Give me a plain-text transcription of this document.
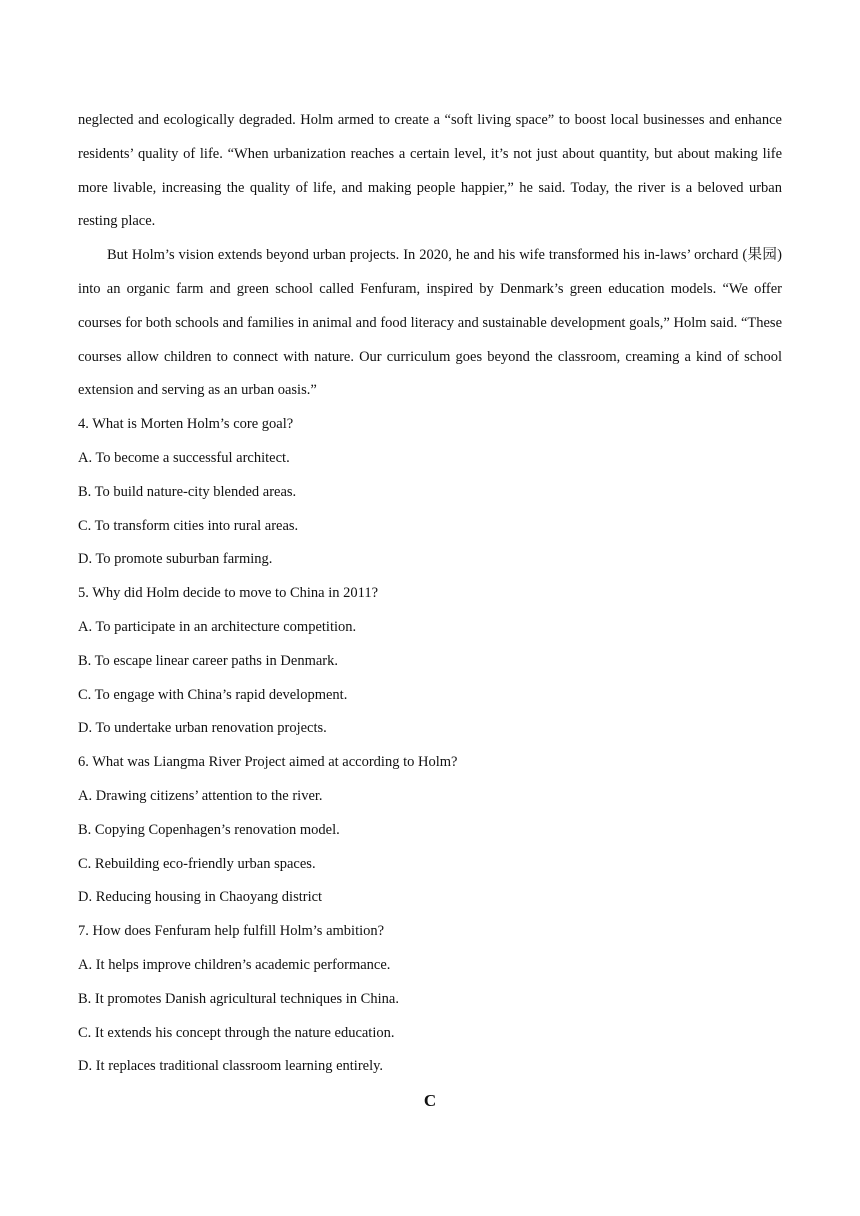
neglected and ecologically degraded. Holm armed to create a “soft living space” to boost local businesses and enhance residents’ quality of life. “When urbanization reaches a certain level, it’s not just about quantity, but about making life more livable, increasing the quality of life, and making people happier,” he said. Today, the river is a beloved urban resting place.

But Holm’s vision extends beyond urban projects. In 2020, he and his wife transformed his in-laws’ orchard (果园) into an organic farm and green school called Fenfuram, inspired by Denmark’s green education models. “We offer courses for both schools and families in animal and food literacy and sustainable development goals,” Holm said. “These courses allow children to connect with nature. Our curriculum goes beyond the classroom, creaming a kind of school extension and serving as an urban oasis.”

4. What is Morten Holm’s core goal?

A. To become a successful architect.

B. To build nature-city blended areas.

C. To transform cities into rural areas.

D. To promote suburban farming.

5. Why did Holm decide to move to China in 2011?

A. To participate in an architecture competition.

B. To escape linear career paths in Denmark.

C. To engage with China’s rapid development.

D. To undertake urban renovation projects.

6. What was Liangma River Project aimed at according to Holm?

A. Drawing citizens’ attention to the river.

B. Copying Copenhagen’s renovation model.

C. Rebuilding eco-friendly urban spaces.

D. Reducing housing in Chaoyang district

7. How does Fenfuram help fulfill Holm’s ambition?

A. It helps improve children’s academic performance.

B. It promotes Danish agricultural techniques in China.

C. It extends his concept through the nature education.

D. It replaces traditional classroom learning entirely.

C
